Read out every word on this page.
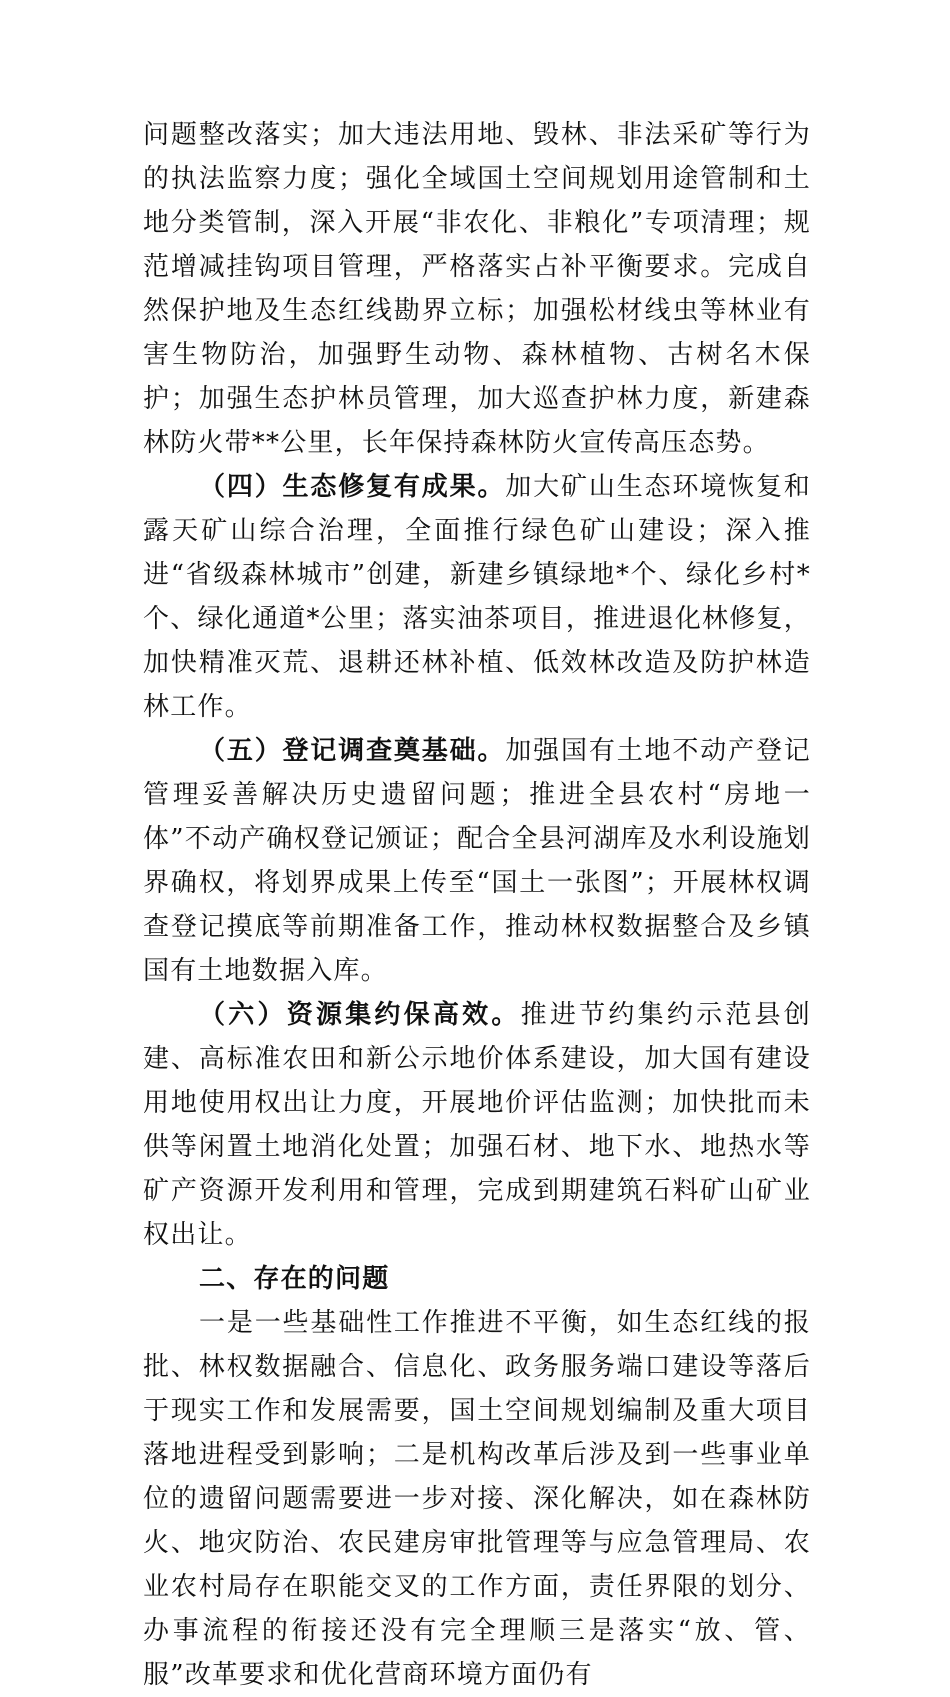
问题整改落实；加大违法用地、毁林、非法采矿等行为的执法监察力度；强化全域国土空间规划用途管制和土地分类管制，深入开展“非农化、非粮化”专项清理；规范增减挂钩项目管理，严格落实占补平衡要求。完成自然保护地及生态红线勘界立标；加强松材线虫等林业有害生物防治，加强野生动物、森林植物、古树名木保护；加强生态护林员管理，加大巡查护林力度，新建森林防火带**公里，长年保持森林防火宣传高压态势。

（四）生态修复有成果。加大矿山生态环境恢复和露天矿山综合治理，全面推行绿色矿山建设；深入推进“省级森林城市”创建，新建乡镇绿地*个、绿化乡村*个、绿化通道*公里；落实油茶项目，推进退化林修复，加快精准灭荒、退耕还林补植、低效林改造及防护林造林工作。

（五）登记调查奠基础。加强国有土地不动产登记管理妥善解决历史遗留问题；推进全县农村“房地一体”不动产确权登记颁证；配合全县河湖库及水利设施划界确权，将划界成果上传至“国土一张图”；开展林权调查登记摸底等前期准备工作，推动林权数据整合及乡镇国有土地数据入库。

（六）资源集约保高效。推进节约集约示范县创建、高标准农田和新公示地价体系建设，加大国有建设用地使用权出让力度，开展地价评估监测；加快批而未供等闲置土地消化处置；加强石材、地下水、地热水等矿产资源开发利用和管理，完成到期建筑石料矿山矿业权出让。

二、存在的问题

一是一些基础性工作推进不平衡，如生态红线的报批、林权数据融合、信息化、政务服务端口建设等落后于现实工作和发展需要，国土空间规划编制及重大项目落地进程受到影响；二是机构改革后涉及到一些事业单位的遗留问题需要进一步对接、深化解决，如在森林防火、地灾防治、农民建房审批管理等与应急管理局、农业农村局存在职能交叉的工作方面，责任界限的划分、办事流程的衔接还没有完全理顺三是落实“放、管、服”改革要求和优化营商环境方面仍有
